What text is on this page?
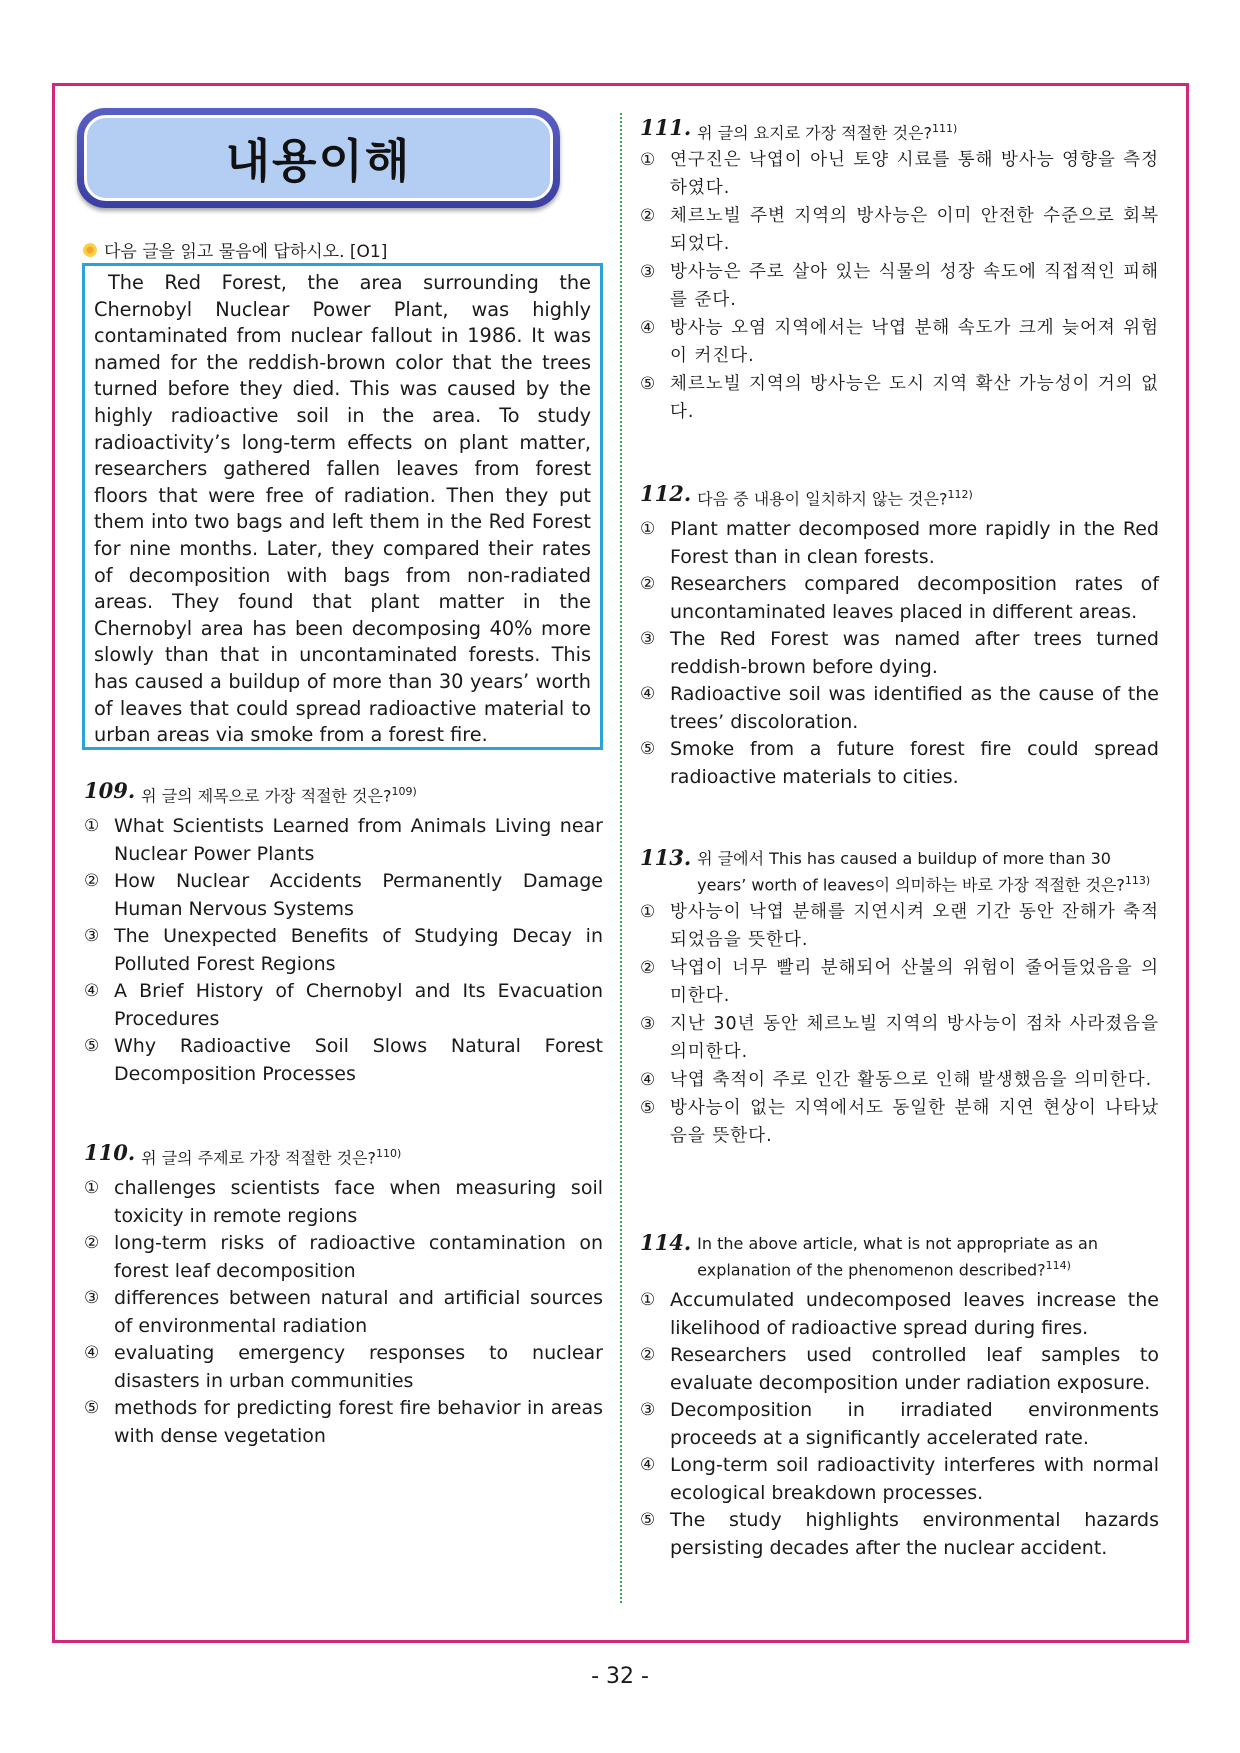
내용이해
다음 글을 읽고 물음에 답하시오. [O1]
The Red Forest, the area surrounding the Chernobyl Nuclear Power Plant, was highly contaminated from nuclear fallout in 1986. It was named for the reddish-brown color that the trees turned before they died. This was caused by the highly radioactive soil in the area. To study radioactivity’s long-term effects on plant matter, researchers gathered fallen leaves from forest floors that were free of radiation. Then they put them into two bags and left them in the Red Forest for nine months. Later, they compared their rates of decomposition with bags from non-radiated areas. They found that plant matter in the Chernobyl area has been decomposing 40% more slowly than that in uncontaminated forests. This has caused a buildup of more than 30 years’ worth of leaves that could spread radioactive material to urban areas via smoke from a forest fire.
109. 위 글의 제목으로 가장 적절한 것은?$^{109)}$
① What Scientists Learned from Animals Living near Nuclear Power Plants
② How Nuclear Accidents Permanently Damage Human Nervous Systems
③ The Unexpected Benefits of Studying Decay in Polluted Forest Regions
④ A Brief History of Chernobyl and Its Evacuation Procedures
⑤ Why Radioactive Soil Slows Natural Forest Decomposition Processes
110. 위 글의 주제로 가장 적절한 것은?$^{110)}$
① challenges scientists face when measuring soil toxicity in remote regions
② long-term risks of radioactive contamination on forest leaf decomposition
③ differences between natural and artificial sources of environmental radiation
④ evaluating emergency responses to nuclear disasters in urban communities
⑤ methods for predicting forest fire behavior in areas with dense vegetation
111. 위 글의 요지로 가장 적절한 것은?$^{111)}$
① 연구진은 낙엽이 아닌 토양 시료를 통해 방사능 영향을 측정하였다.
② 체르노빌 주변 지역의 방사능은 이미 안전한 수준으로 회복되었다.
③ 방사능은 주로 살아 있는 식물의 성장 속도에 직접적인 피해를 준다.
④ 방사능 오염 지역에서는 낙엽 분해 속도가 크게 늦어져 위험이 커진다.
⑤ 체르노빌 지역의 방사능은 도시 지역 확산 가능성이 거의 없다.
112. 다음 중 내용이 일치하지 않는 것은?$^{112)}$
① Plant matter decomposed more rapidly in the Red Forest than in clean forests.
② Researchers compared decomposition rates of uncontaminated leaves placed in different areas.
③ The Red Forest was named after trees turned reddish-brown before dying.
④ Radioactive soil was identified as the cause of the trees’ discoloration.
⑤ Smoke from a future forest fire could spread radioactive materials to cities.
113. 위 글에서 This has caused a buildup of more than 30 years’ worth of leaves이 의미하는 바로 가장 적절한 것은?$^{113)}$
① 방사능이 낙엽 분해를 지연시켜 오랜 기간 동안 잔해가 축적되었음을 뜻한다.
② 낙엽이 너무 빨리 분해되어 산불의 위험이 줄어들었음을 의미한다.
③ 지난 30년 동안 체르노빌 지역의 방사능이 점차 사라졌음을 의미한다.
④ 낙엽 축적이 주로 인간 활동으로 인해 발생했음을 의미한다.
⑤ 방사능이 없는 지역에서도 동일한 분해 지연 현상이 나타났음을 뜻한다.
114. In the above article, what is not appropriate as an explanation of the phenomenon described?$^{114)}$
① Accumulated undecomposed leaves increase the likelihood of radioactive spread during fires.
② Researchers used controlled leaf samples to evaluate decomposition under radiation exposure.
③ Decomposition in irradiated environments proceeds at a significantly accelerated rate.
④ Long-term soil radioactivity interferes with normal ecological breakdown processes.
⑤ The study highlights environmental hazards persisting decades after the nuclear accident.
- 32 -
